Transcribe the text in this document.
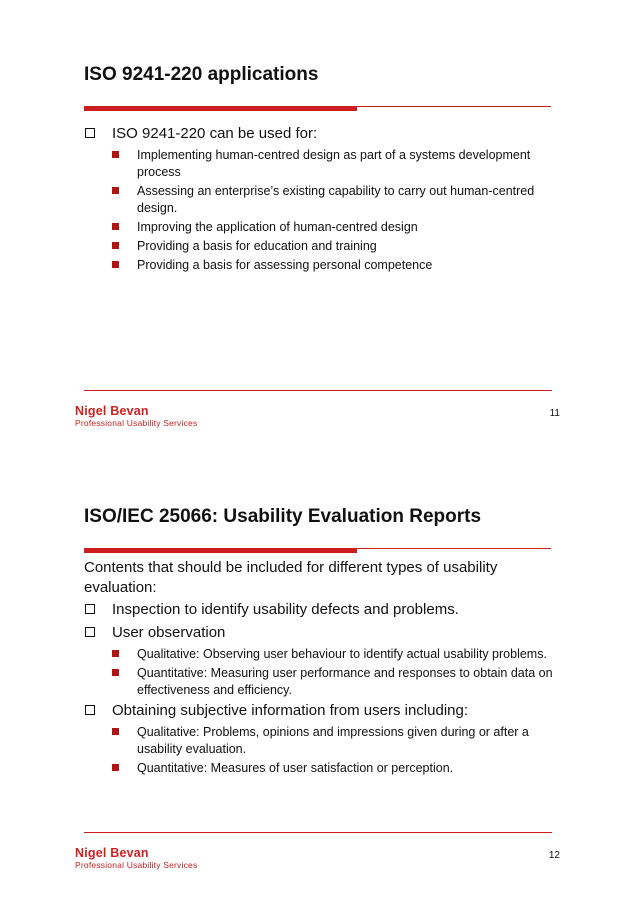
ISO 9241-220 applications
ISO 9241-220 can be used for:
Implementing human-centred design as part of a systems development process
Assessing an enterprise’s existing capability to carry out human-centred design.
Improving the application of human-centred design
Providing a basis for education and training
Providing a basis for assessing personal competence
Nigel Bevan
Professional Usability Services
11
ISO/IEC 25066: Usability Evaluation Reports
Contents that should be included for different types of usability evaluation:
Inspection to identify usability defects and problems.
User observation
Qualitative: Observing user behaviour to identify actual usability problems.
Quantitative: Measuring user performance and responses to obtain data on effectiveness and efficiency.
Obtaining subjective information from users including:
Qualitative: Problems, opinions and impressions given during or after a usability evaluation.
Quantitative: Measures of user satisfaction or perception.
Nigel Bevan
Professional Usability Services
12
